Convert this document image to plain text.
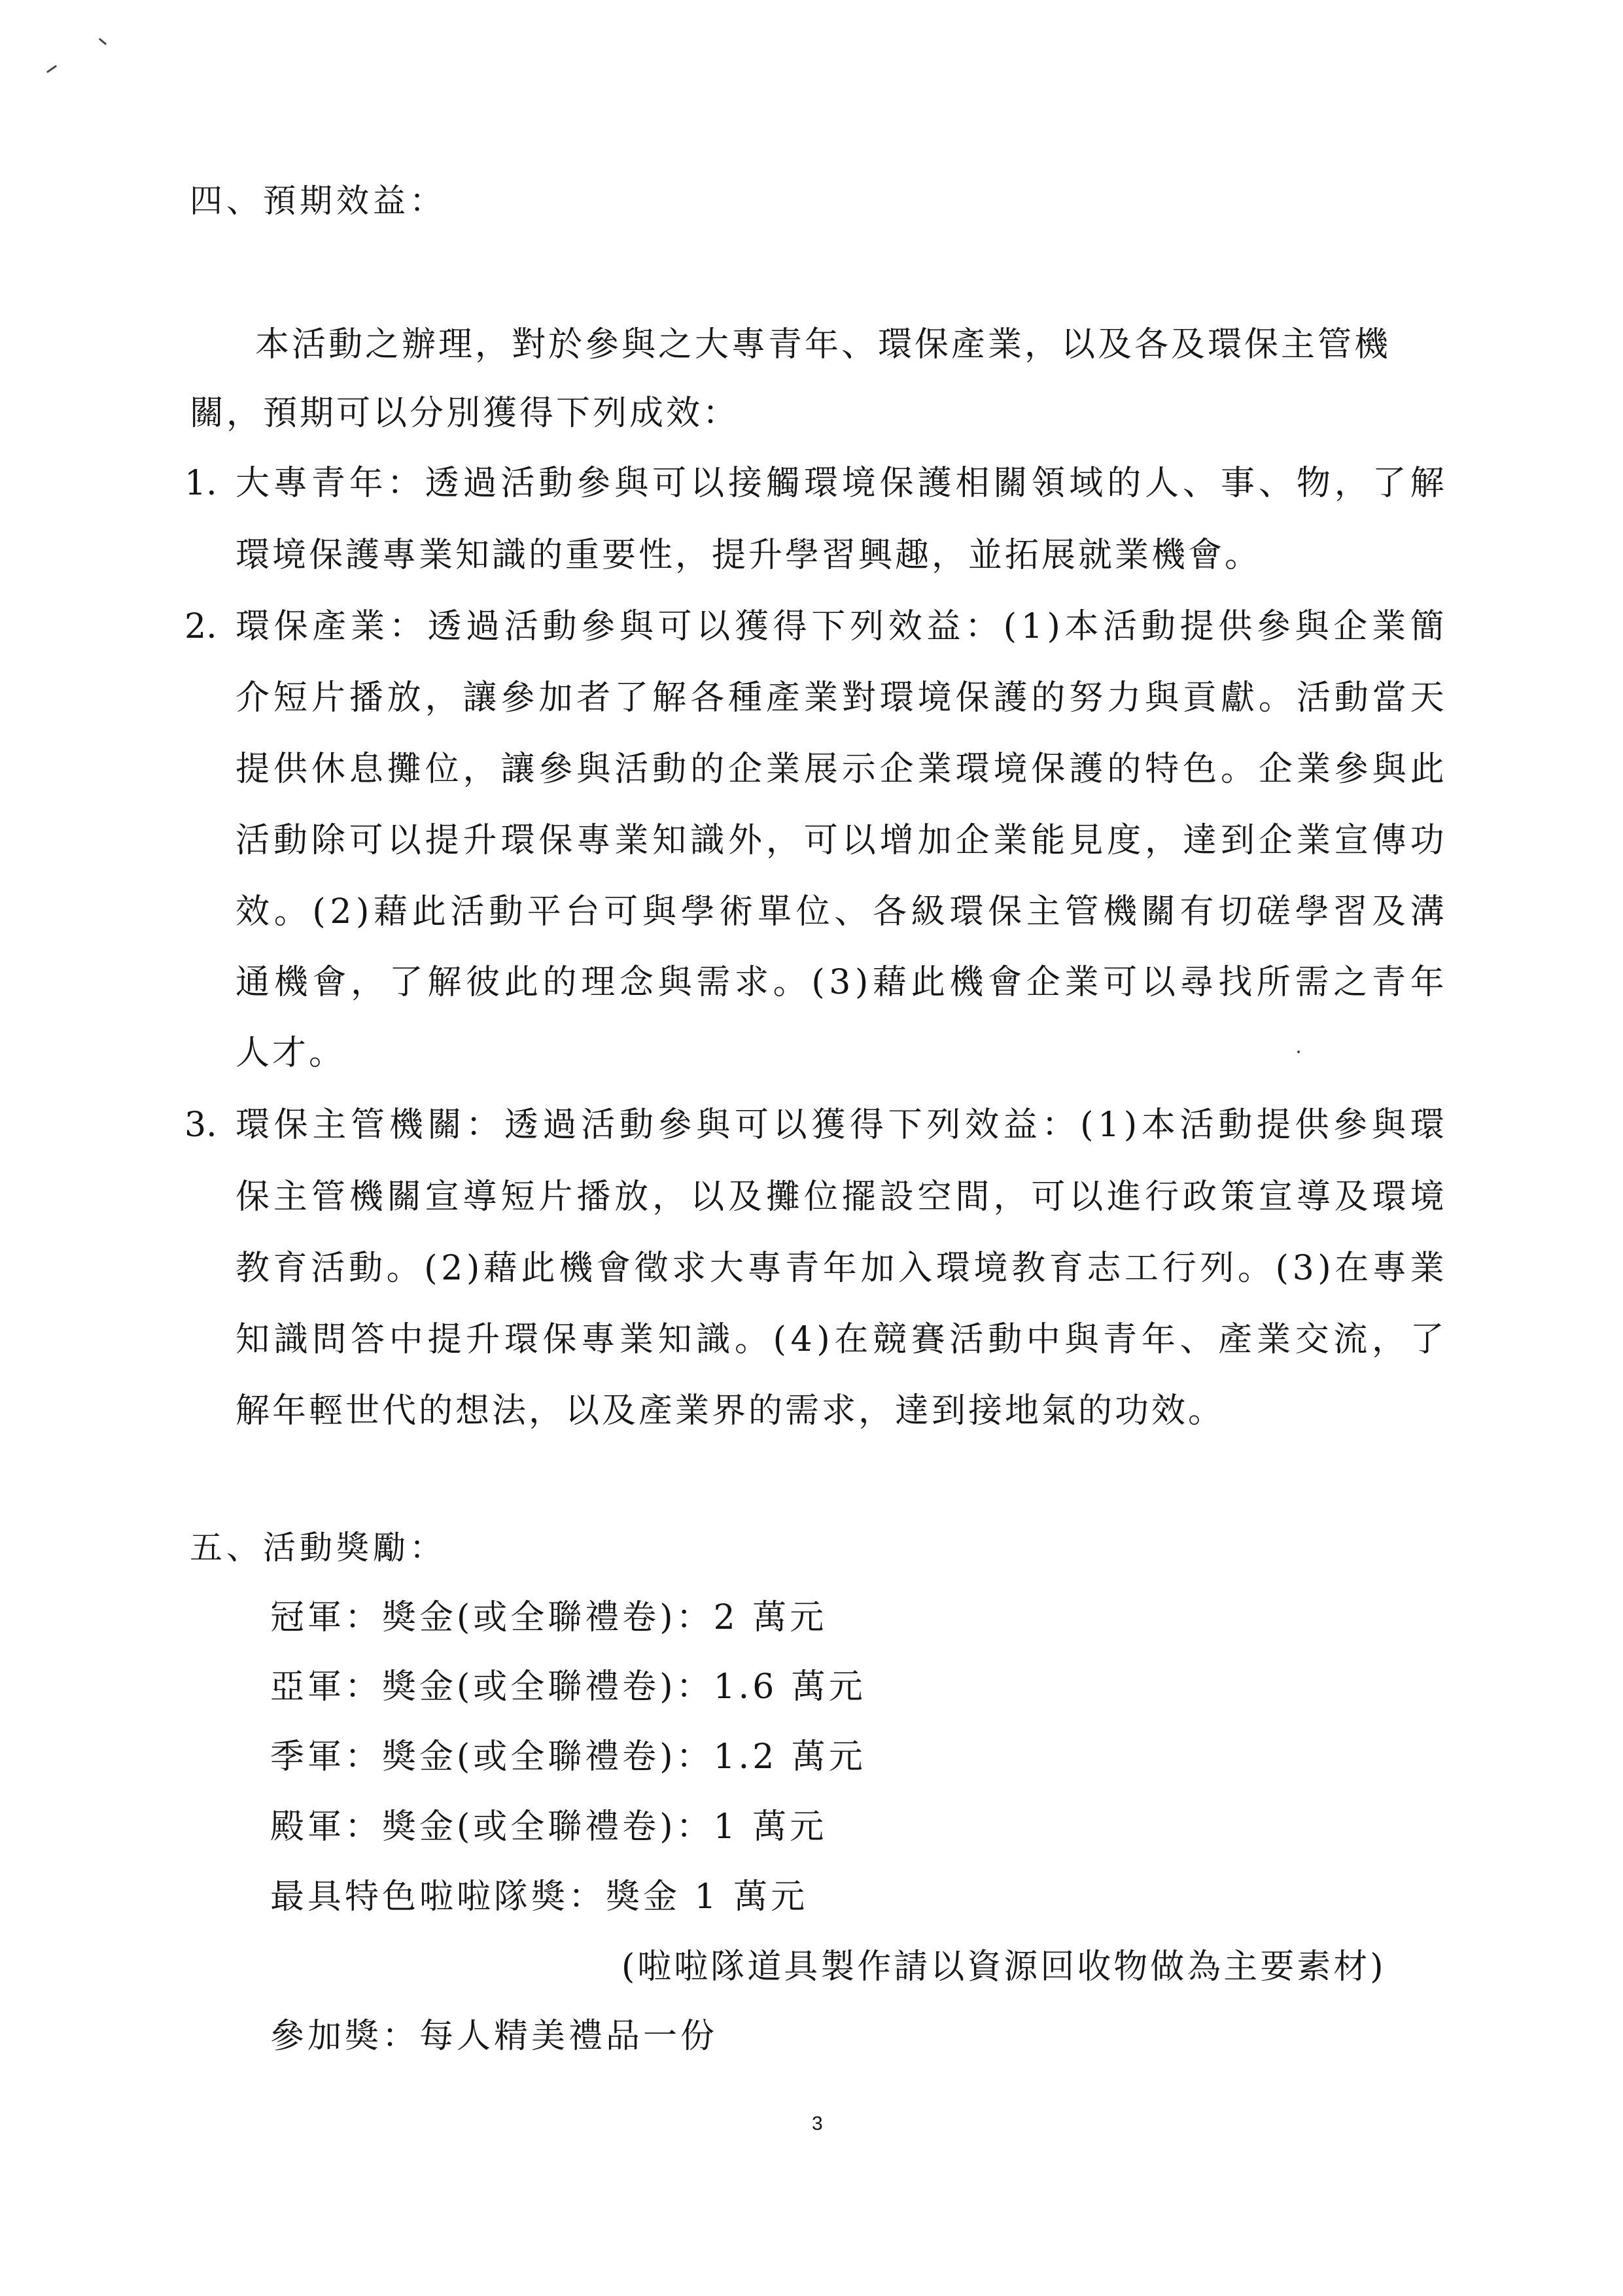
四、預期效益：
本活動之辦理，對於參與之大專青年、環保產業，以及各及環保主管機
關，預期可以分別獲得下列成效：
1. 大 專 青 年 ： 透 過 活 動 參 與 可 以 接 觸 環 境 保 護 相 關 領 域 的 人 、 事 、 物 ， 了 解
環境保護專業知識的重要性，提升學習興趣，並拓展就業機會。
2. 環 保 產 業 ： 透 過 活 動 參 與 可 以 獲 得 下 列 效 益 ： ( 1 ) 本 活 動 提 供 參 與 企 業 簡
介 短 片 播 放 ， 讓 參 加 者 了 解 各 種 產 業 對 環 境 保 護 的 努 力 與 貢 獻 。 活 動 當 天
提 供 休 息 攤 位 ， 讓 參 與 活 動 的 企 業 展 示 企 業 環 境 保 護 的 特 色 。 企 業 參 與 此
活 動 除 可 以 提 升 環 保 專 業 知 識 外 ， 可 以 增 加 企 業 能 見 度 ， 達 到 企 業 宣 傳 功
效 。 ( 2 ) 藉 此 活 動 平 台 可 與 學 術 單 位 、 各 級 環 保 主 管 機 關 有 切 磋 學 習 及 溝
通 機 會 ， 了 解 彼 此 的 理 念 與 需 求 。 ( 3 ) 藉 此 機 會 企 業 可 以 尋 找 所 需 之 青 年
人才。
3. 環 保 主 管 機 關 ： 透 過 活 動 參 與 可 以 獲 得 下 列 效 益 ： ( 1 ) 本 活 動 提 供 參 與 環
保 主 管 機 關 宣 導 短 片 播 放 ， 以 及 攤 位 擺 設 空 間 ， 可 以 進 行 政 策 宣 導 及 環 境
教 育 活 動 。 ( 2 ) 藉 此 機 會 徵 求 大 專 青 年 加 入 環 境 教 育 志 工 行 列 。 ( 3 ) 在 專 業
知 識 問 答 中 提 升 環 保 專 業 知 識 。 ( 4 ) 在 競 賽 活 動 中 與 青 年 、 產 業 交 流 ， 了
解年輕世代的想法，以及產業界的需求，達到接地氣的功效。
五、活動獎勵：
冠軍：獎金(或全聯禮卷)：2 萬元
亞軍：獎金(或全聯禮卷)：1.6 萬元
季軍：獎金(或全聯禮卷)：1.2 萬元
殿軍：獎金(或全聯禮卷)：1 萬元
最具特色啦啦隊獎：獎金 1 萬元
(啦啦隊道具製作請以資源回收物做為主要素材)
參加獎：每人精美禮品一份
3
